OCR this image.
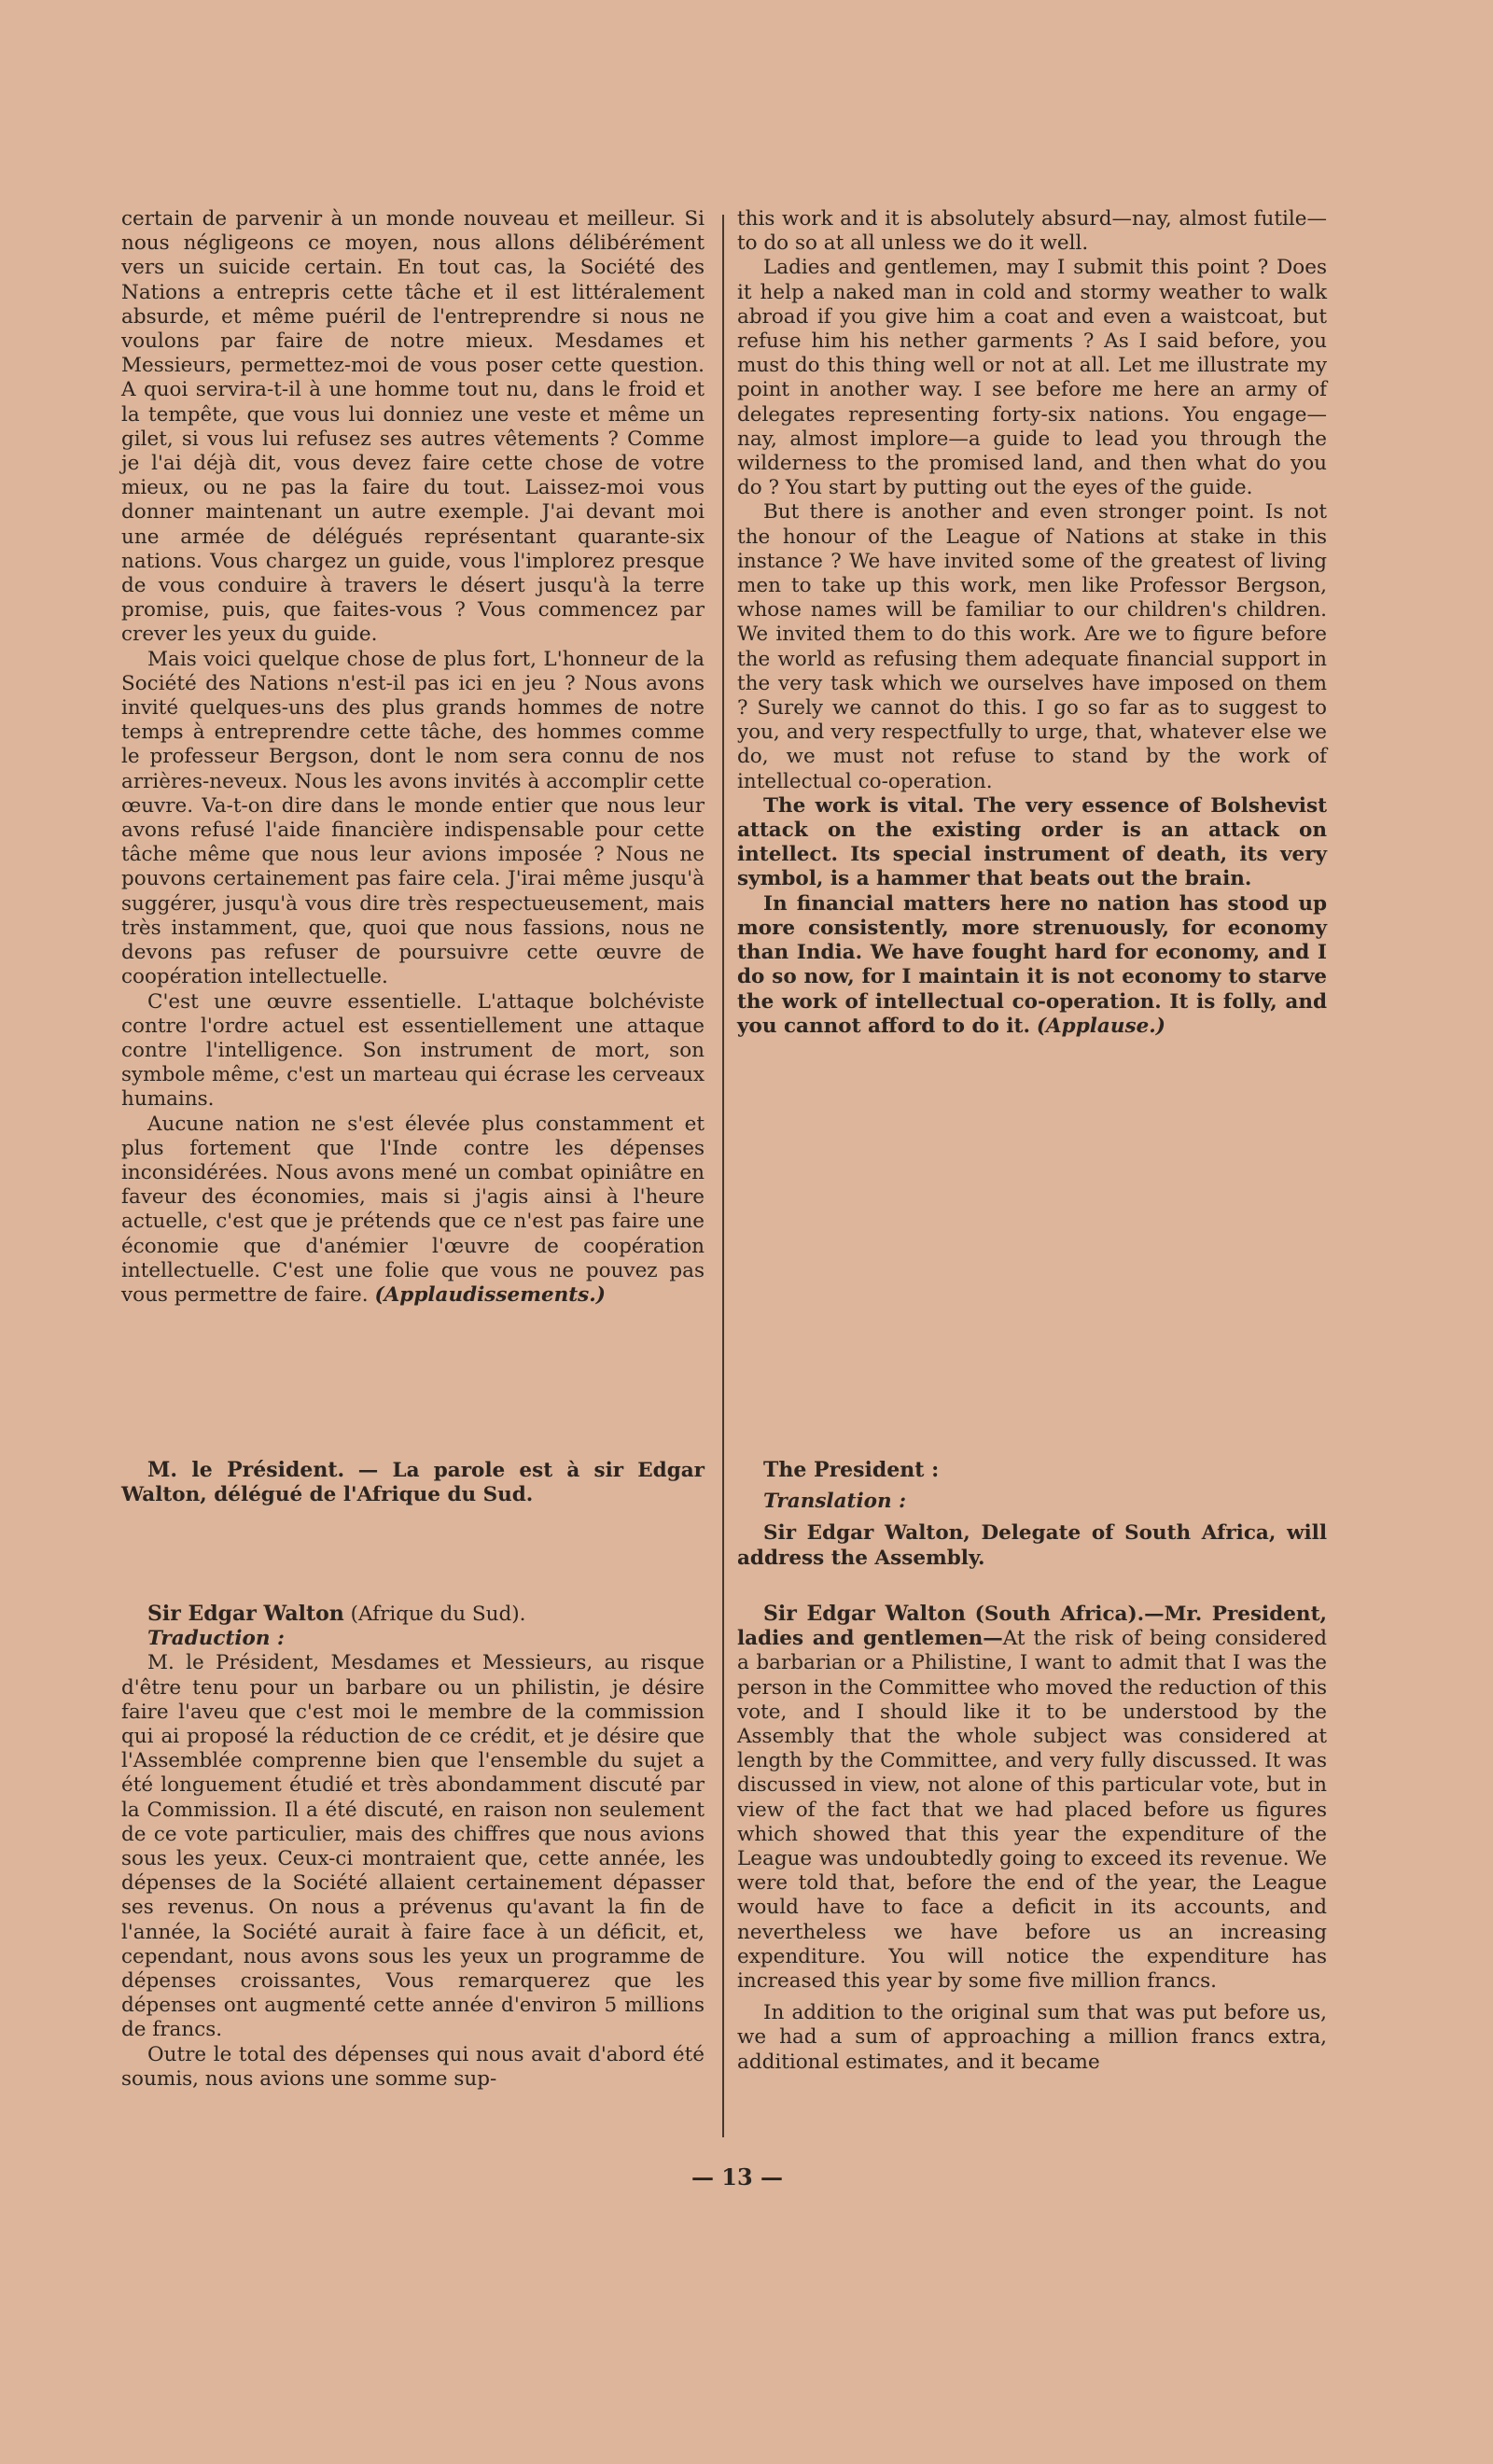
certain de parvenir à un monde nouveau et meilleur. Si nous négligeons ce moyen, nous allons délibérément vers un suicide certain. En tout cas, la Société des Nations a entrepris cette tâche et il est littéralement absurde, et même puéril de l'entreprendre si nous ne voulons par faire de notre mieux. Mesdames et Messieurs, permettez-moi de vous poser cette question. A quoi servira-t-il à une homme tout nu, dans le froid et la tempête, que vous lui donniez une veste et même un gilet, si vous lui refusez ses autres vêtements ? Comme je l'ai déjà dit, vous devez faire cette chose de votre mieux, ou ne pas la faire du tout. Laissez-moi vous donner maintenant un autre exemple. J'ai devant moi une armée de délégués représentant quarante-six nations. Vous chargez un guide, vous l'implorez presque de vous conduire à travers le désert jusqu'à la terre promise, puis, que faites-vous ? Vous commencez par crever les yeux du guide.

Mais voici quelque chose de plus fort, L'honneur de la Société des Nations n'est-il pas ici en jeu ? Nous avons invité quelques-uns des plus grands hommes de notre temps à entreprendre cette tâche, des hommes comme le professeur Bergson, dont le nom sera connu de nos arrières-neveux. Nous les avons invités à accomplir cette œuvre. Va-t-on dire dans le monde entier que nous leur avons refusé l'aide financière indispensable pour cette tâche même que nous leur avions imposée ? Nous ne pouvons certainement pas faire cela. J'irai même jusqu'à suggérer, jusqu'à vous dire très respectueusement, mais très instamment, que, quoi que nous fassions, nous ne devons pas refuser de poursuivre cette œuvre de coopération intellectuelle.

C'est une œuvre essentielle. L'attaque bolchéviste contre l'ordre actuel est essentiellement une attaque contre l'intelligence. Son instrument de mort, son symbole même, c'est un marteau qui écrase les cerveaux humains.

Aucune nation ne s'est élevée plus constamment et plus fortement que l'Inde contre les dépenses inconsidérées. Nous avons mené un combat opiniâtre en faveur des économies, mais si j'agis ainsi à l'heure actuelle, c'est que je prétends que ce n'est pas faire une économie que d'anémier l'œuvre de coopération intellectuelle. C'est une folie que vous ne pouvez pas vous permettre de faire. (Applaudissements.)

M. le Président. — La parole est à sir Edgar Walton, délégué de l'Afrique du Sud.

Sir Edgar Walton (Afrique du Sud).

Traduction :

M. le Président, Mesdames et Messieurs, au risque d'être tenu pour un barbare ou un philistin, je désire faire l'aveu que c'est moi le membre de la commission qui ai proposé la réduction de ce crédit, et je désire que l'Assemblée comprenne bien que l'ensemble du sujet a été longuement étudié et très abondamment discuté par la Commission. Il a été discuté, en raison non seulement de ce vote particulier, mais des chiffres que nous avions sous les yeux. Ceux-ci montraient que, cette année, les dépenses de la Société allaient certainement dépasser ses revenus. On nous a prévenus qu'avant la fin de l'année, la Société aurait à faire face à un déficit, et, cependant, nous avons sous les yeux un programme de dépenses croissantes, Vous remarquerez que les dépenses ont augmenté cette année d'environ 5 millions de francs.

Outre le total des dépenses qui nous avait d'abord été soumis, nous avions une somme sup-

this work and it is absolutely absurd—nay, almost futile—to do so at all unless we do it well.

Ladies and gentlemen, may I submit this point ? Does it help a naked man in cold and stormy weather to walk abroad if you give him a coat and even a waistcoat, but refuse him his nether garments ? As I said before, you must do this thing well or not at all. Let me illustrate my point in another way. I see before me here an army of delegates representing forty-six nations. You engage—nay, almost implore—a guide to lead you through the wilderness to the promised land, and then what do you do ? You start by putting out the eyes of the guide.

But there is another and even stronger point. Is not the honour of the League of Nations at stake in this instance ? We have invited some of the greatest of living men to take up this work, men like Professor Bergson, whose names will be familiar to our children's children. We invited them to do this work. Are we to figure before the world as refusing them adequate financial support in the very task which we ourselves have imposed on them ? Surely we cannot do this. I go so far as to suggest to you, and very respectfully to urge, that, whatever else we do, we must not refuse to stand by the work of intellectual co-operation.

The work is vital. The very essence of Bolshevist attack on the existing order is an attack on intellect. Its special instrument of death, its very symbol, is a hammer that beats out the brain.

In financial matters here no nation has stood up more consistently, more strenuously, for economy than India. We have fought hard for economy, and I do so now, for I maintain it is not economy to starve the work of intellectual co-operation. It is folly, and you cannot afford to do it. (Applause.)

The President :

Translation :

Sir Edgar Walton, Delegate of South Africa, will address the Assembly.

Sir Edgar Walton (South Africa).—Mr. President, ladies and gentlemen—At the risk of being considered a barbarian or a Philistine, I want to admit that I was the person in the Committee who moved the reduction of this vote, and I should like it to be understood by the Assembly that the whole subject was considered at length by the Committee, and very fully discussed. It was discussed in view, not alone of this particular vote, but in view of the fact that we had placed before us figures which showed that this year the expenditure of the League was undoubtedly going to exceed its revenue. We were told that, before the end of the year, the League would have to face a deficit in its accounts, and nevertheless we have before us an increasing expenditure. You will notice the expenditure has increased this year by some five million francs.

In addition to the original sum that was put before us, we had a sum of approaching a million francs extra, additional estimates, and it became

— 13 —
